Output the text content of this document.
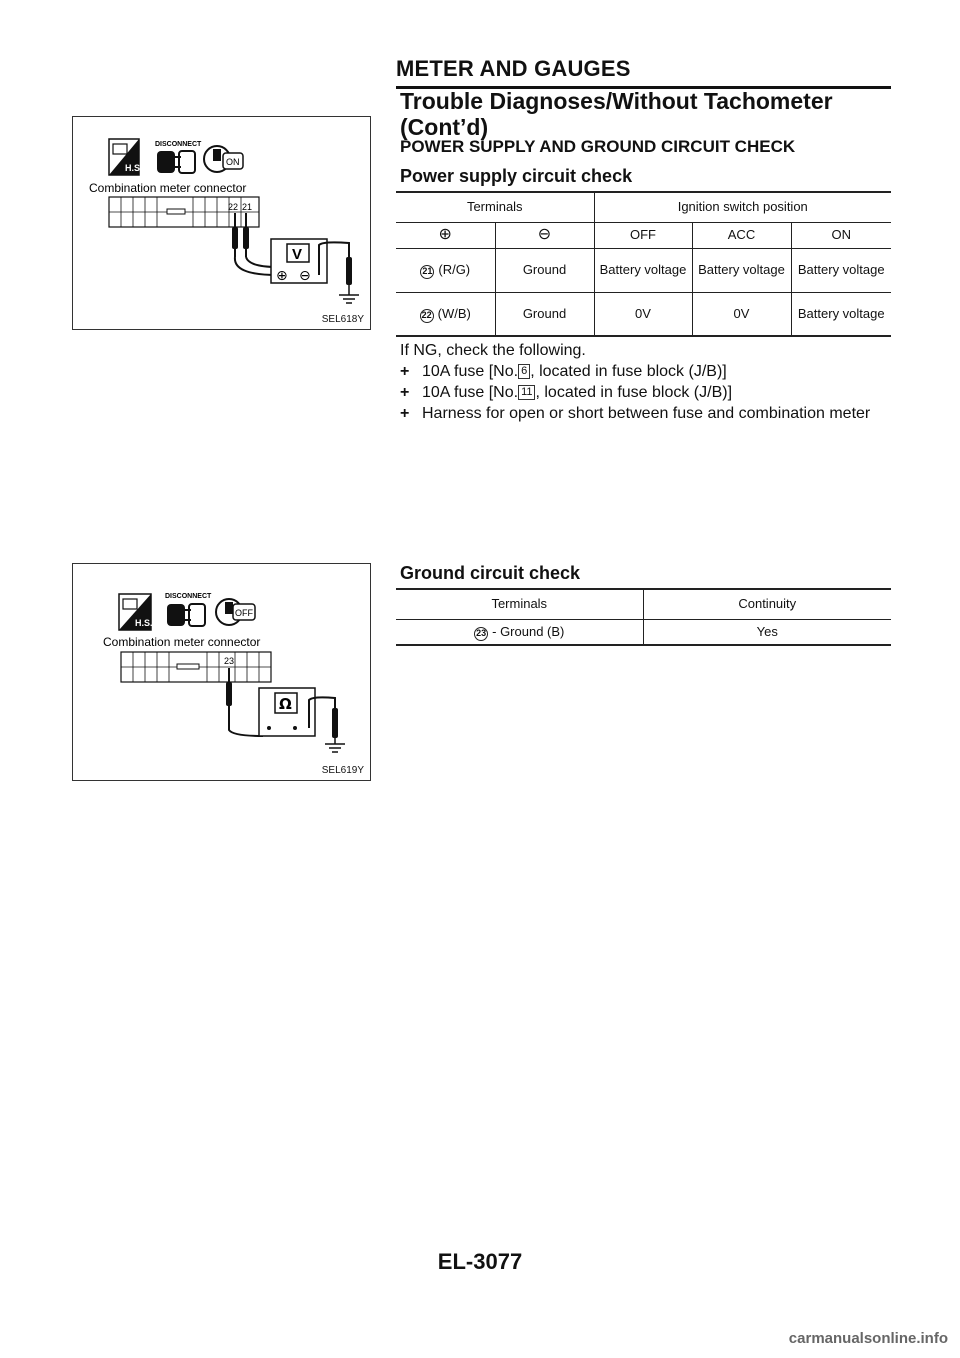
METER AND GAUGES
Trouble Diagnoses/Without Tachometer
(Cont’d)
H.S.
DISCONNECT
ON
Combination meter connector
22 21
V
⊕ ⊖
SEL618Y
POWER SUPPLY AND GROUND CIRCUIT CHECK
Power supply circuit check
Terminals		Ignition switch position		
⊕	⊖	OFF	ACC	ON
21 (R/G)	Ground	Battery voltage	Battery voltage	Battery voltage
22 (W/B)	Ground	0V	0V	Battery voltage
If NG, check the following.
+ 10A fuse [No. 6 , located in fuse block (J/B)]
+ 10A fuse [No. 11 , located in fuse block (J/B)]
+ Harness for open or short between fuse and combination meter
H.S.
DISCONNECT
OFF
Combination meter connector
23
Ω
SEL619Y
Ground circuit check
Terminals	Continuity
23 - Ground (B)	Yes
EL-3077
carmanualsonline.info
